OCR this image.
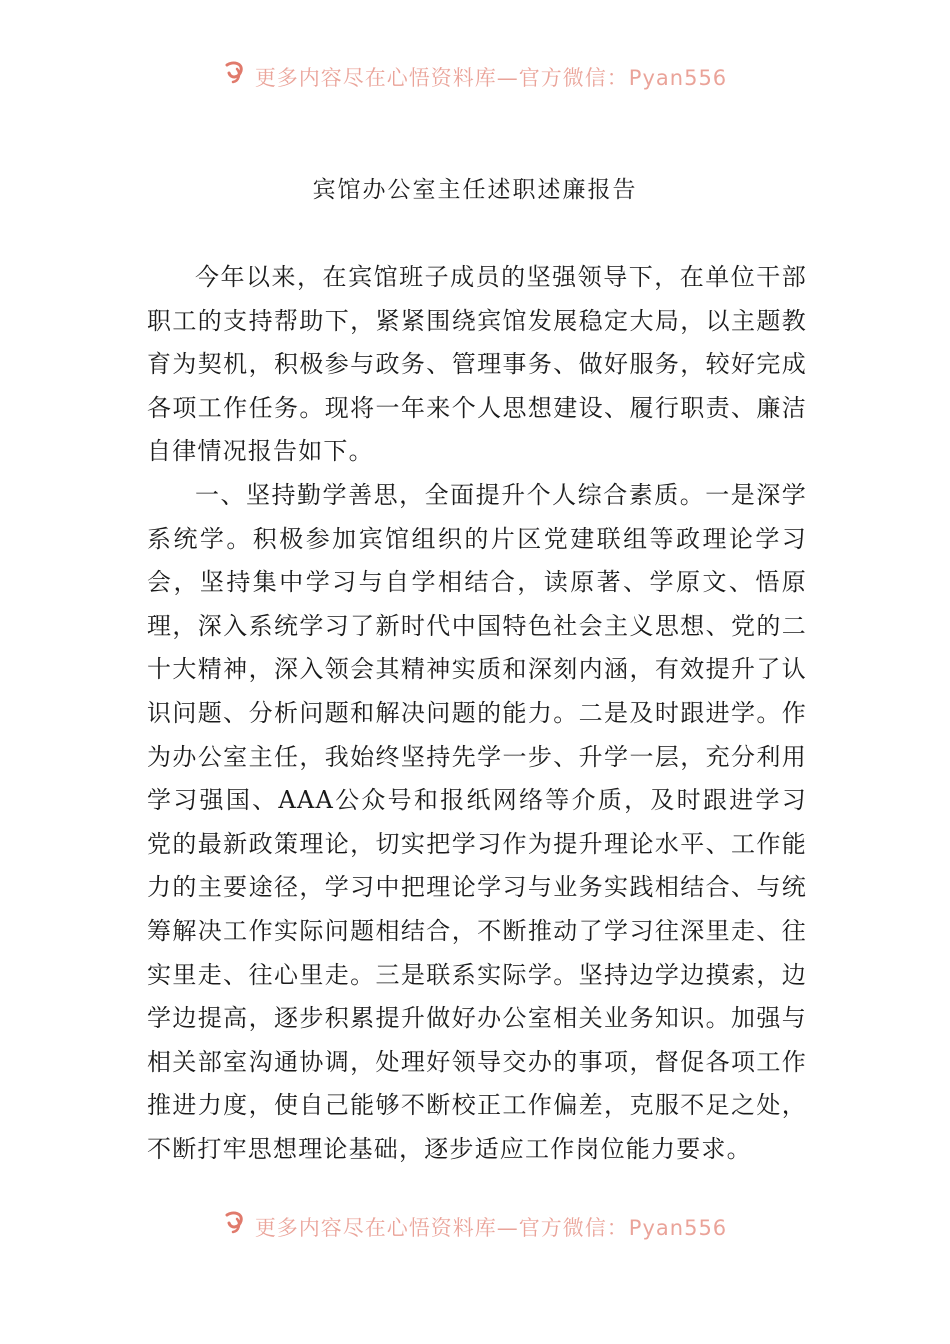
更多内容尽在心悟资料库—官方微信：Pyan556
宾馆办公室主任述职述廉报告

今年以来，在宾馆班子成员的坚强领导下，在单位干部职工的支持帮助下，紧紧围绕宾馆发展稳定大局，以主题教育为契机，积极参与政务、管理事务、做好服务，较好完成各项工作任务。现将一年来个人思想建设、履行职责、廉洁自律情况报告如下。

一、坚持勤学善思，全面提升个人综合素质。一是深学系统学。积极参加宾馆组织的片区党建联组等政理论学习会，坚持集中学习与自学相结合，读原著、学原文、悟原理，深入系统学习了新时代中国特色社会主义思想、党的二十大精神，深入领会其精神实质和深刻内涵，有效提升了认识问题、分析问题和解决问题的能力。二是及时跟进学。作为办公室主任，我始终坚持先学一步、升学一层，充分利用学习强国、AAA公众号和报纸网络等介质，及时跟进学习党的最新政策理论，切实把学习作为提升理论水平、工作能力的主要途径，学习中把理论学习与业务实践相结合、与统筹解决工作实际问题相结合，不断推动了学习往深里走、往实里走、往心里走。三是联系实际学。坚持边学边摸索，边学边提高，逐步积累提升做好办公室相关业务知识。加强与相关部室沟通协调，处理好领导交办的事项，督促各项工作推进力度，使自己能够不断校正工作偏差，克服不足之处，不断打牢思想理论基础，逐步适应工作岗位能力要求。

更多内容尽在心悟资料库—官方微信：Pyan556
